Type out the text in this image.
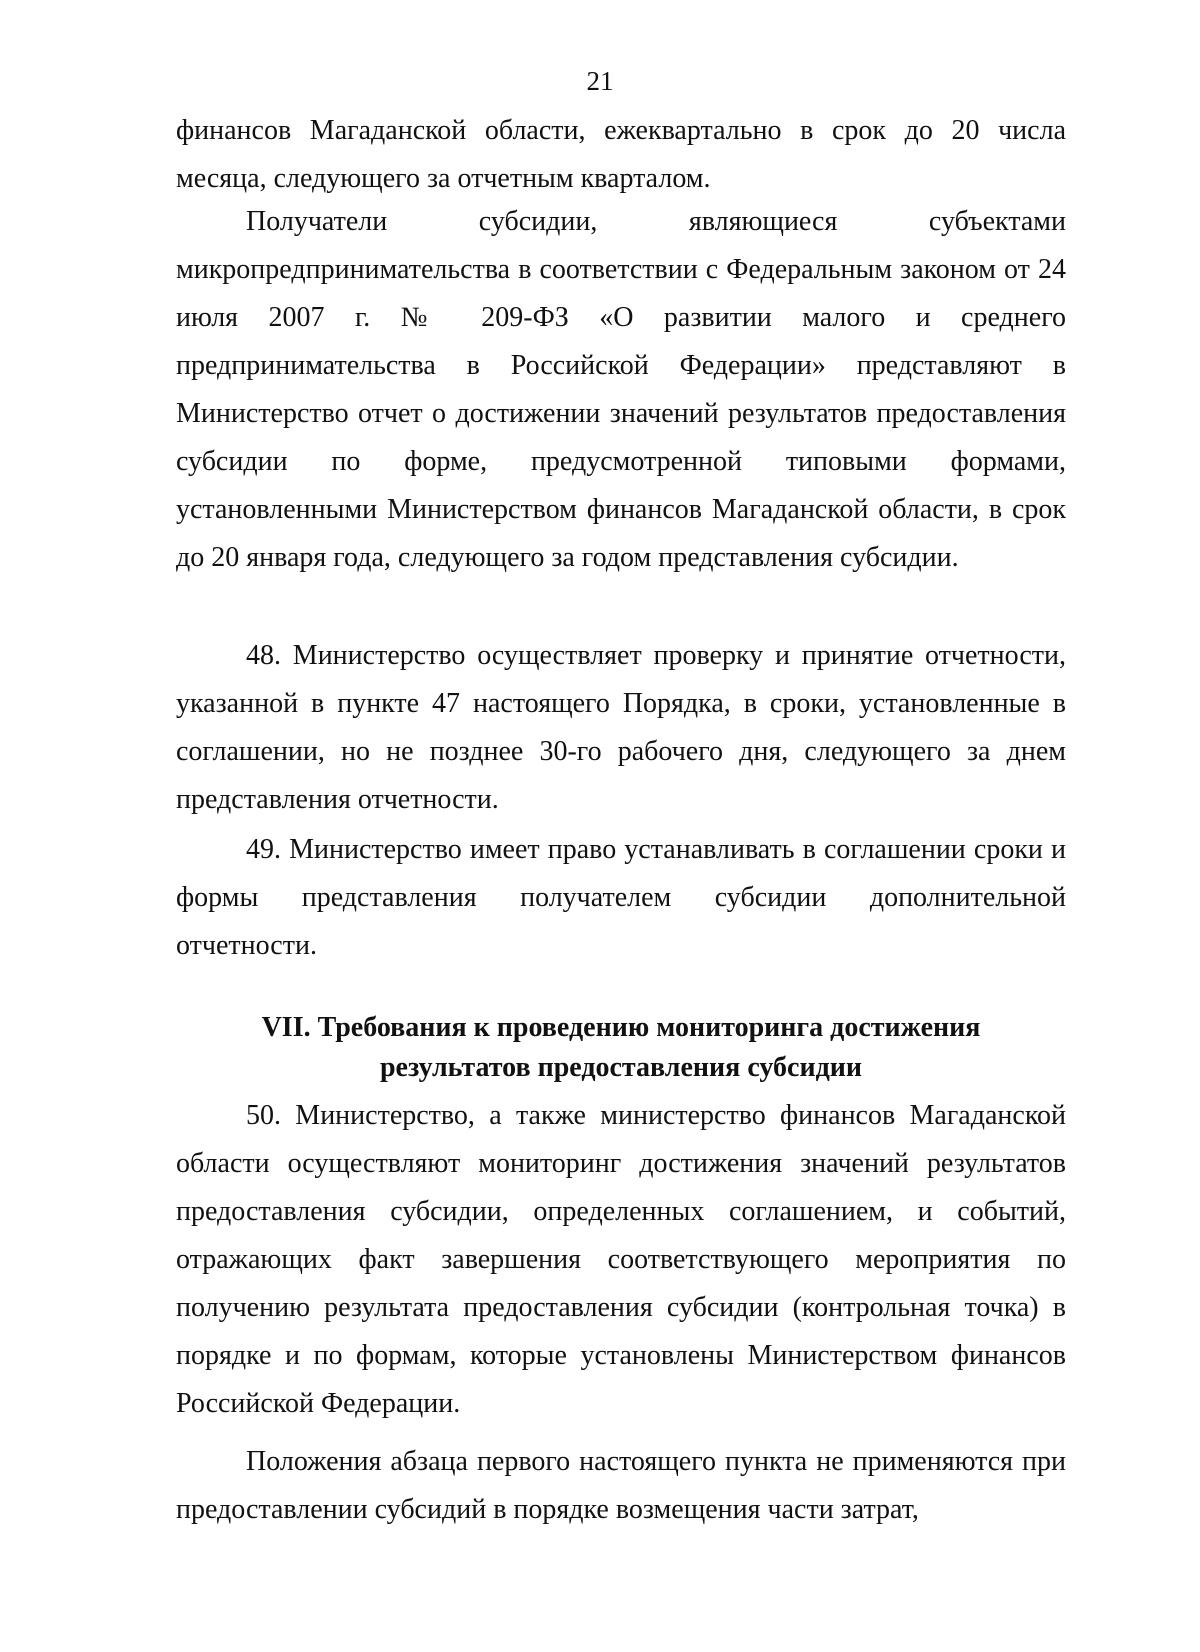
21

финансов Магаданской области, ежеквартально в срок до 20 числа месяца, следующего за отчетным кварталом.

Получатели субсидии, являющиеся субъектами микропредпринимательства в соответствии с Федеральным законом от 24 июля 2007 г. № 209-ФЗ «О развитии малого и среднего предпринимательства в Российской Федерации» представляют в Министерство отчет о достижении значений результатов предоставления субсидии по форме, предусмотренной типовыми формами, установленными Министерством финансов Магаданской области, в срок до 20 января года, следующего за годом представления субсидии.

48. Министерство осуществляет проверку и принятие отчетности, указанной в пункте 47 настоящего Порядка, в сроки, установленные в соглашении, но не позднее 30-го рабочего дня, следующего за днем представления отчетности.

49. Министерство имеет право устанавливать в соглашении сроки и формы представления получателем субсидии дополнительной отчетности.

VII. Требования к проведению мониторинга достижения
результатов предоставления субсидии

50. Министерство, а также министерство финансов Магаданской области осуществляют мониторинг достижения значений результатов предоставления субсидии, определенных соглашением, и событий, отражающих факт завершения соответствующего мероприятия по получению результата предоставления субсидии (контрольная точка) в порядке и по формам, которые установлены Министерством финансов Российской Федерации.

Положения абзаца первого настоящего пункта не применяются при предоставлении субсидий в порядке возмещения части затрат,
